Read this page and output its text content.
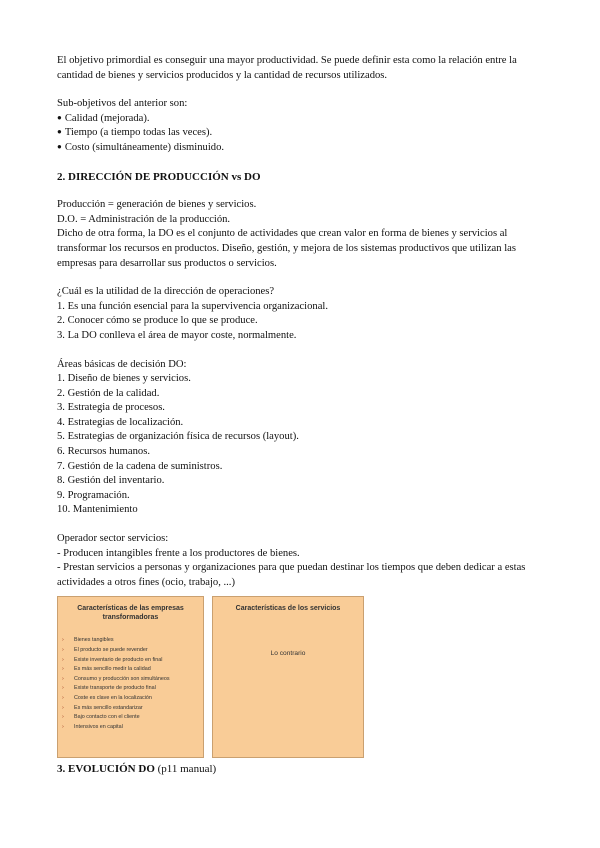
El objetivo primordial es conseguir una mayor productividad. Se puede definir esta como la relación entre la cantidad de bienes y servicios producidos y la cantidad de recursos utilizados.

Sub-objetivos del anterior son:

● Calidad (mejorada).
● Tiempo (a tiempo todas las veces).
● Costo (simultáneamente) disminuido.

2. DIRECCIÓN DE PRODUCCIÓN vs DO

Producción = generación de bienes y servicios.

D.O. = Administración de la producción.

Dicho de otra forma, la DO es el conjunto de actividades que crean valor en forma de bienes y servicios al transformar los recursos en productos. Diseño, gestión, y mejora de los sistemas productivos que utilizan las empresas para desarrollar sus productos o servicios.

¿Cuál es la utilidad de la dirección de operaciones?

1. Es una función esencial para la supervivencia organizacional.
2. Conocer cómo se produce lo que se produce.
3. La DO conlleva el área de mayor coste, normalmente.

Áreas básicas de decisión DO:

1. Diseño de bienes y servicios.
2. Gestión de la calidad.
3. Estrategia de procesos.
4. Estrategias de localización.
5. Estrategias de organización física de recursos (layout).
6. Recursos humanos.
7. Gestión de la cadena de suministros.
8. Gestión del inventario.
9. Programación.
10. Mantenimiento

Operador sector servicios:

- Producen intangibles frente a los productores de bienes.
- Prestan servicios a personas y organizaciones para que puedan destinar los tiempos que deben dedicar a estas actividades a otros fines (ocio, trabajo, ...)
Características de las empresas transformadoras
› Bienes tangibles
› El producto se puede revender
› Existe inventario de producto en final
› Es más sencillo medir la calidad
› Consumo y producción son simultáneos
› Existe transporte de producto final
› Coste es clave en la localización
› Es más sencillo estandarizar
› Bajo contacto con el cliente
› Intensivos en capital
Características de los servicios
Lo contrario

3. EVOLUCIÓN DO (p11 manual)
